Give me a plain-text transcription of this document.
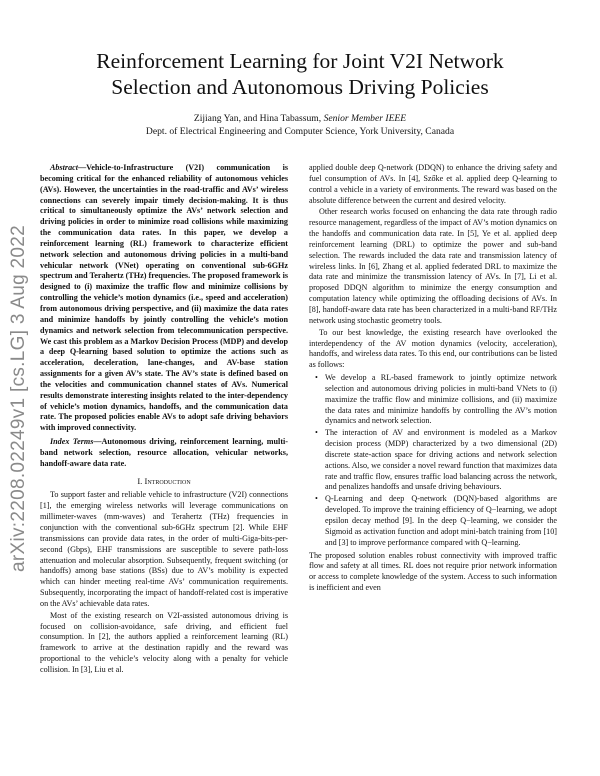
arXiv:2208.02249v1 [cs.LG] 3 Aug 2022
Reinforcement Learning for Joint V2I Network Selection and Autonomous Driving Policies
Zijiang Yan, and Hina Tabassum, Senior Member IEEE
Dept. of Electrical Engineering and Computer Science, York University, Canada

Abstract—Vehicle-to-Infrastructure (V2I) communication is becoming critical for the enhanced reliability of autonomous vehicles (AVs). However, the uncertainties in the road-traffic and AVs’ wireless connections can severely impair timely decision-making. It is thus critical to simultaneously optimize the AVs’ network selection and driving policies in order to minimize road collisions while maximizing the communication data rates. In this paper, we develop a reinforcement learning (RL) framework to characterize efficient network selection and autonomous driving policies in a multi-band vehicular network (VNet) operating on conventional sub-6GHz spectrum and Terahertz (THz) frequencies. The proposed framework is designed to (i) maximize the traffic flow and minimize collisions by controlling the vehicle’s motion dynamics (i.e., speed and acceleration) from autonomous driving perspective, and (ii) maximize the data rates and minimize handoffs by jointly controlling the vehicle’s motion dynamics and network selection from telecommunication perspective. We cast this problem as a Markov Decision Process (MDP) and develop a deep Q-learning based solution to optimize the actions such as acceleration, deceleration, lane-changes, and AV-base station assignments for a given AV’s state. The AV’s state is defined based on the velocities and communication channel states of AVs. Numerical results demonstrate interesting insights related to the inter-dependency of vehicle’s motion dynamics, handoffs, and the communication data rate. The proposed policies enable AVs to adopt safe driving behaviors with improved connectivity.

Index Terms—Autonomous driving, reinforcement learning, multi-band network selection, resource allocation, vehicular networks, handoff-aware data rate.

I. Introduction

To support faster and reliable vehicle to infrastructure (V2I) connections [1], the emerging wireless networks will leverage communications on millimeter-waves (mm-waves) and Terahertz (THz) frequencies in conjunction with the conventional sub-6GHz spectrum [2]. While EHF transmissions can provide data rates, in the order of multi-Giga-bits-per-second (Gbps), EHF transmissions are susceptible to severe path-loss attenuation and molecular absorption. Subsequently, frequent switching (or handoffs) among base stations (BSs) due to AV’s mobility is expected which can hinder meeting real-time AVs’ communication requirements. Subsequently, incorporating the impact of handoff-related cost is imperative on the AVs’ achievable data rates.

Most of the existing research on V2I-assisted autonomous driving is focused on collision-avoidance, safe driving, and efficient fuel consumption. In [2], the authors applied a reinforcement learning (RL) framework to arrive at the destination rapidly and the reward was proportional to the vehicle’s velocity along with a penalty for vehicle collision. In [3], Liu et al.

applied double deep Q-network (DDQN) to enhance the driving safety and fuel consumption of AVs. In [4], Szőke et al. applied deep Q-learning to control a vehicle in a variety of environments. The reward was based on the absolute difference between the current and desired velocity.

Other research works focused on enhancing the data rate through radio resource management, regardless of the impact of AV’s motion dynamics on the handoffs and communication data rate. In [5], Ye et al. applied deep reinforcement learning (DRL) to optimize the power and sub-band selection. The rewards included the data rate and transmission latency of wireless links. In [6], Zhang et al. applied federated DRL to maximize the data rate and minimize the transmission latency of AVs. In [7], Li et al. proposed DDQN algorithm to minimize the energy consumption and computation latency while optimizing the offloading decisions of AVs. In [8], handoff-aware data rate has been characterized in a multi-band RF/THz network using stochastic geometry tools.

To our best knowledge, the existing research have overlooked the interdependency of the AV motion dynamics (velocity, acceleration), handoffs, and wireless data rates. To this end, our contributions can be listed as follows:

• We develop a RL-based framework to jointly optimize network selection and autonomous driving policies in multi-band VNets to (i) maximize the traffic flow and minimize collisions, and (ii) maximize the data rates and minimize handoffs by controlling the AV’s motion dynamics and network selection.
• The interaction of AV and environment is modeled as a Markov decision process (MDP) characterized by a two dimensional (2D) discrete state-action space for driving actions and network selection actions. Also, we consider a novel reward function that maximizes data rate and traffic flow, ensures traffic load balancing across the network, and penalizes handoffs and unsafe driving behaviours.
• Q-Learning and deep Q-network (DQN)-based algorithms are developed. To improve the training efficiency of Q−learning, we adopt epsilon decay method [9]. In the deep Q−learning, we consider the Sigmoid as activation function and adopt mini-batch training from [10] and [3] to improve performance compared with Q−learning.

The proposed solution enables robust connectivity with improved traffic flow and safety at all times. RL does not require prior network information or access to complete knowledge of the system. Access to such information is inefficient and even
